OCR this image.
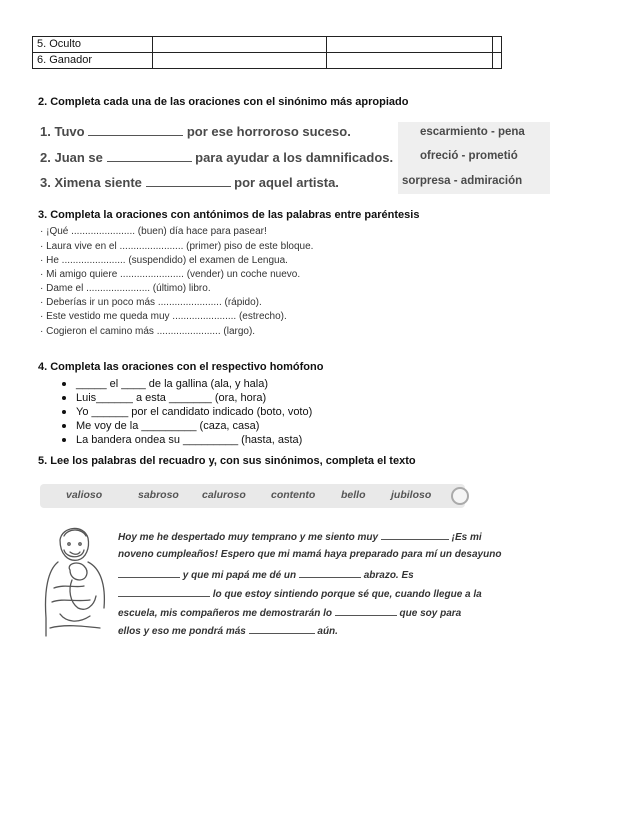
5. Oculto			
6. Ganador			
2. Completa cada una de las oraciones con el sinónimo más apropiado
1. Tuvo	por ese horroroso suceso.
2. Juan se	para ayudar a los damnificados.
3. Ximena siente	por aquel artista.
escarmiento - pena
ofreció - prometió
sorpresa - admiración
3. Completa la oraciones con antónimos de las palabras entre paréntesis
· ¡Qué ....................... (buen) día hace para pasear!
· Laura vive en el ....................... (primer) piso de este bloque.
· He ....................... (suspendido) el examen de Lengua.
· Mi amigo quiere ....................... (vender) un coche nuevo.
· Dame el ....................... (último) libro.
· Deberías ir un poco más ....................... (rápido).
· Este vestido me queda muy ....................... (estrecho).
· Cogieron el camino más ....................... (largo).
4. Completa las oraciones con el respectivo homófono
_____ el ____ de la gallina (ala, y hala)
Luis______ a esta _______ (ora, hora)
Yo ______ por el candidato indicado (boto, voto)
Me voy de la _________ (caza, casa)
La bandera ondea su _________ (hasta, asta)
5. Lee los palabras del recuadro y, con sus sinónimos, completa el texto
valioso	sabroso caluroso contento bello jubiloso
Hoy me he despertado muy temprano y me siento muy	¡Es mi
noveno cumpleaños! Espero que mi mamá haya preparado para mí un desayuno
y que mi papá me dé un	abrazo. Es
lo que estoy sintiendo porque sé que, cuando llegue a la
escuela, mis compañeros me demostrarán lo	que soy para
ellos y eso me pondrá más	aún.
